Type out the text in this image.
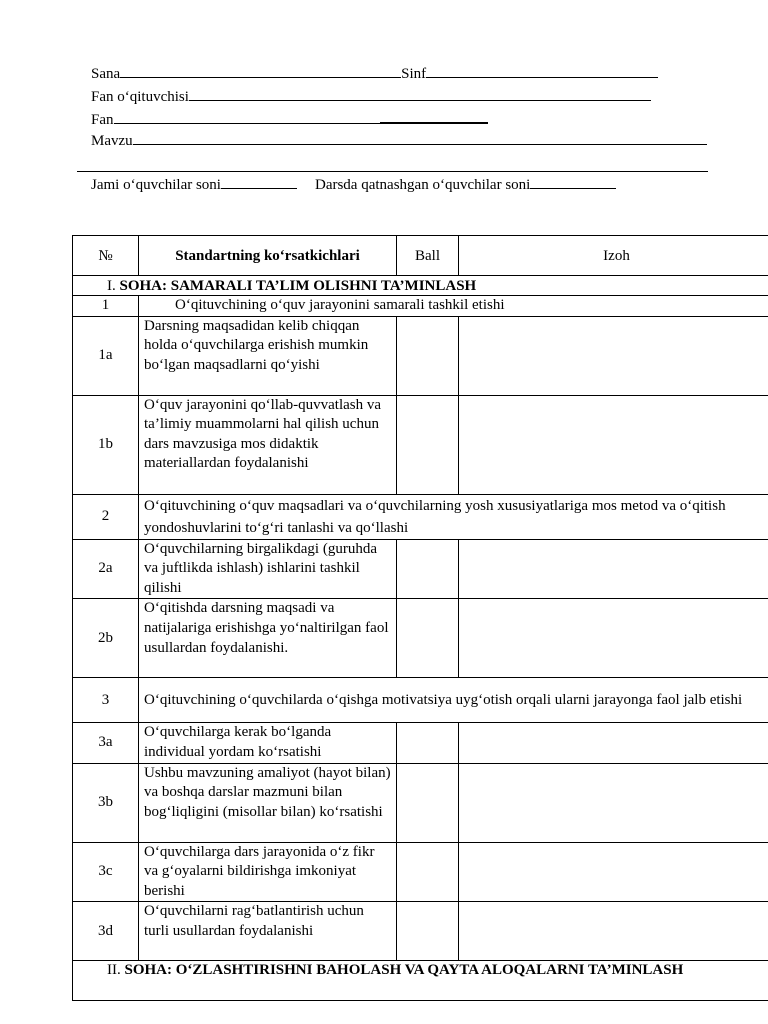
Sana	Sinf
Fan o‘qituvchisi
Fan
Mavzu
Jami o‘quvchilar soni	Darsda qatnashgan o‘quvchilar soni
№	Standartning ko‘rsatkichlari	Ball	Izoh
I. SOHA: SAMARALI TA’LIM OLISHNI TA’MINLASH			
1	O‘qituvchining o‘quv jarayonini samarali tashkil etishi		
1a	Darsning maqsadidan kelib chiqqan holda o‘quvchilarga erishish mumkin bo‘lgan maqsadlarni qo‘yishi		
1b	O‘quv jarayonini qo‘llab-quvvatlash va ta’limiy muammolarni hal qilish uchun dars mavzusiga mos didaktik materiallardan foydalanishi		
2	O‘qituvchining o‘quv maqsadlari va o‘quvchilarning yosh xususiyatlariga mos metod va o‘qitish yondoshuvlarini to‘g‘ri tanlashi va qo‘llashi		
2a	O‘quvchilarning birgalikdagi (guruhda va juftlikda ishlash) ishlarini tashkil qilishi		
2b	O‘qitishda darsning maqsadi va natijalariga erishishga yo‘naltirilgan faol usullardan foydalanishi.		
3	O‘qituvchining o‘quvchilarda o‘qishga motivatsiya uyg‘otish orqali ularni jarayonga faol jalb etishi		
3a	O‘quvchilarga kerak bo‘lganda individual yordam ko‘rsatishi		
3b	Ushbu mavzuning amaliyot (hayot bilan) va boshqa darslar mazmuni bilan bog‘liqligini (misollar bilan) ko‘rsatishi		
3c	O‘quvchilarga dars jarayonida o‘z fikr va g‘oyalarni bildirishga imkoniyat berishi		
3d	O‘quvchilarni rag‘batlantirish uchun turli usullardan foydalanishi		
II. SOHA: O‘ZLASHTIRISHNI BAHOLASH VA QAYTA ALOQALARNI TA’MINLASH			
